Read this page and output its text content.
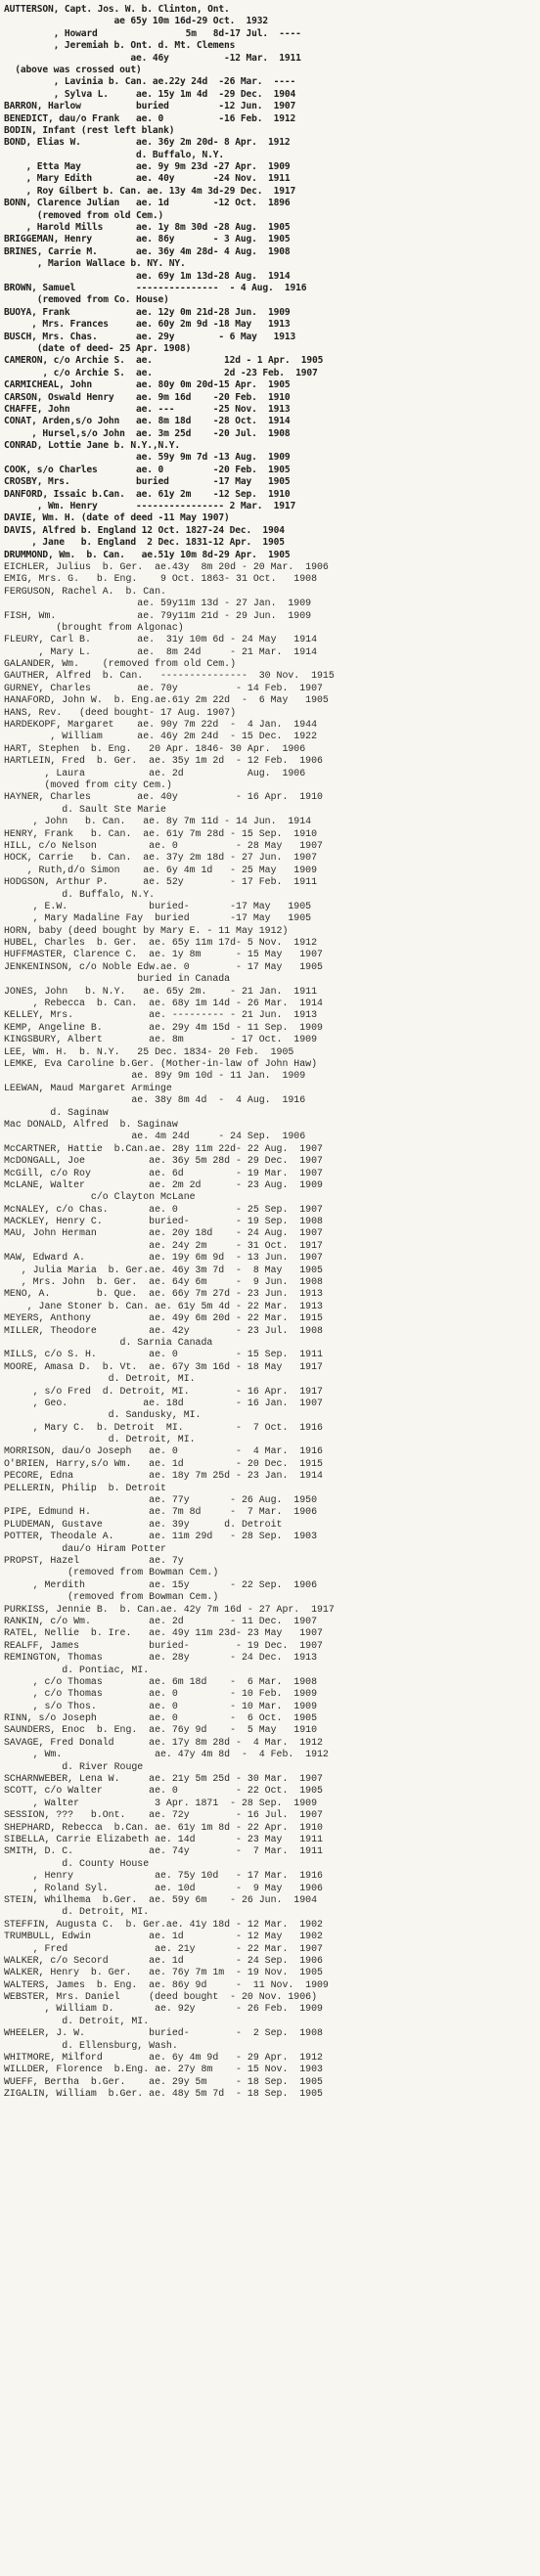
AUTTERSON, Capt. Jos. W. b. Clinton, Ont.
ae 65y 10m 16d-29 Oct.  1932
, Howard                5m   8d-17 Jul.  ----
, Jeremiah b. Ont. d. Mt. Clemens
ae. 46y          -12 Mar.  1911
(above was crossed out)
, Lavinia b. Can. ae.22y 24d  -26 Mar.  ----
, Sylva L.     ae. 15y 1m 4d  -29 Dec.  1904
BARRON, Harlow          buried         -12 Jun.  1907
BENEDICT, dau/o Frank   ae. 0          -16 Feb.  1912
BODIN, Infant (rest left blank)
BOND, Elias W.          ae. 36y 2m 20d- 8 Apr.  1912
d. Buffalo, N.Y.
, Etta May          ae. 9y 9m 23d -27 Apr.  1909
, Mary Edith        ae. 40y       -24 Nov.  1911
, Roy Gilbert b. Can. ae. 13y 4m 3d-29 Dec.  1917
BONN, Clarence Julian   ae. 1d        -12 Oct.  1896
(removed from old Cem.)
, Harold Mills      ae. 1y 8m 30d -28 Aug.  1905
BRIGGEMAN, Henry        ae. 86y       - 3 Aug.  1905
BRINES, Carrie M.       ae. 36y 4m 28d- 4 Aug.  1908
, Marion Wallace b. NY. NY.
ae. 69y 1m 13d-28 Aug.  1914
BROWN, Samuel           ---------------  - 4 Aug.  1916
(removed from Co. House)
BUOYA, Frank            ae. 12y 0m 21d-28 Jun.  1909
, Mrs. Frances     ae. 60y 2m 9d -18 May   1913
BUSCH, Mrs. Chas.       ae. 29y        - 6 May   1913
(date of deed- 25 Apr. 1908)
CAMERON, c/o Archie S.  ae.             12d - 1 Apr.  1905
, c/o Archie S.  ae.             2d -23 Feb.  1907
CARMICHEAL, John        ae. 80y 0m 20d-15 Apr.  1905
CARSON, Oswald Henry    ae. 9m 16d    -20 Feb.  1910
CHAFFE, John            ae. ---       -25 Nov.  1913
CONAT, Arden,s/o John   ae. 8m 18d    -28 Oct.  1914
, Hursel,s/o John  ae. 3m 25d    -20 Jul.  1908
CONRAD, Lottie Jane b. N.Y.,N.Y.
ae. 59y 9m 7d -13 Aug.  1909
COOK, s/o Charles       ae. 0         -20 Feb.  1905
CROSBY, Mrs.            buried        -17 May   1905
DANFORD, Issaic b.Can.  ae. 61y 2m    -12 Sep.  1910
, Wm. Henry       ---------------- 2 Mar.  1917
DAVIE, Wm. H. (date of deed -11 May 1907)
DAVIS, Alfred b. England 12 Oct. 1827-24 Dec.  1904
, Jane   b. England  2 Dec. 1831-12 Apr.  1905
DRUMMOND, Wm.  b. Can.   ae.51y 10m 8d-29 Apr.  1905
EICHLER, Julius  b. Ger.  ae.43y  8m 20d - 20 Mar.  1906
EMIG, Mrs. G.   b. Eng.    9 Oct. 1863- 31 Oct.   1908
FERGUSON, Rachel A.  b. Can.
ae. 59y11m 13d - 27 Jan.  1909
FISH, Wm.              ae. 79y11m 21d - 29 Jun.  1909
(brought from Algonac)
FLEURY, Carl B.        ae.  31y 10m 6d - 24 May   1914
, Mary L.        ae.  8m 24d     - 21 Mar.  1914
GALANDER, Wm.    (removed from old Cem.)
GAUTHER, Alfred  b. Can.   ---------------  30 Nov.  1915
GURNEY, Charles        ae. 70y          - 14 Feb.  1907
HANAFORD, John W.  b. Eng.ae.61y 2m 22d  -  6 May   1905
HANS, Rev.   (deed bought- 17 Aug. 1907)
HARDEKOPF, Margaret    ae. 90y 7m 22d  -  4 Jan.  1944
, William      ae. 46y 2m 24d  - 15 Dec.  1922
HART, Stephen  b. Eng.   20 Apr. 1846- 30 Apr.  1906
HARTLEIN, Fred  b. Ger.  ae. 35y 1m 2d  - 12 Feb.  1906
, Laura           ae. 2d           Aug.  1906
(moved from city Cem.)
HAYNER, Charles        ae. 40y          - 16 Apr.  1910
d. Sault Ste Marie
, John   b. Can.   ae. 8y 7m 11d - 14 Jun.  1914
HENRY, Frank   b. Can.  ae. 61y 7m 28d - 15 Sep.  1910
HILL, c/o Nelson         ae. 0          - 28 May   1907
HOCK, Carrie   b. Can.  ae. 37y 2m 18d - 27 Jun.  1907
, Ruth,d/o Simon    ae. 6y 4m 1d   - 25 May   1909
HODGSON, Arthur P.      ae. 52y        - 17 Feb.  1911
d. Buffalo, N.Y.
, E.W.              buried-       -17 May   1905
, Mary Madaline Fay  buried       -17 May   1905
HORN, baby (deed bought by Mary E. - 11 May 1912)
HUBEL, Charles  b. Ger.  ae. 65y 11m 17d- 5 Nov.  1912
HUFFMASTER, Clarence C.  ae. 1y 8m      - 15 May   1907
JENKENINSON, c/o Noble Edw.ae. 0        - 17 May   1905
buried in Canada
JONES, John   b. N.Y.   ae. 65y 2m.    - 21 Jan.  1911
, Rebecca  b. Can.  ae. 68y 1m 14d - 26 Mar.  1914
KELLEY, Mrs.             ae. --------- - 21 Jun.  1913
KEMP, Angeline B.        ae. 29y 4m 15d - 11 Sep.  1909
KINGSBURY, Albert        ae. 8m        - 17 Oct.  1909
LEE, Wm. H.  b. N.Y.   25 Dec. 1834- 20 Feb.  1905
LEMKE, Eva Caroline b.Ger. (Mother-in-law of John Haw)
ae. 89y 9m 10d - 11 Jan.  1909
LEEWAN, Maud Margaret Arminge
ae. 38y 8m 4d  -  4 Aug.  1916
d. Saginaw
Mac DONALD, Alfred  b. Saginaw
ae. 4m 24d     - 24 Sep.  1906
McCARTNER, Hattie  b.Can.ae. 28y 11m 22d- 22 Aug.  1907
McDONGALL, Joe           ae. 36y 5m 28d - 29 Dec.  1907
McGill, c/o Roy          ae. 6d         - 19 Mar.  1907
McLANE, Walter           ae. 2m 2d      - 23 Aug.  1909
c/o Clayton McLane
McNALEY, c/o Chas.       ae. 0          - 25 Sep.  1907
MACKLEY, Henry C.        buried-        - 19 Sep.  1908
MAU, John Herman         ae. 20y 18d    - 24 Aug.  1907
ae. 24y 2m     - 31 Oct.  1917
MAW, Edward A.           ae. 19y 6m 9d  - 13 Jun.  1907
, Julia Maria  b. Ger.ae. 46y 3m 7d  -  8 May   1905
, Mrs. John  b. Ger.  ae. 64y 6m     -  9 Jun.  1908
MENO, A.        b. Que.  ae. 66y 7m 27d - 23 Jun.  1913
, Jane Stoner b. Can. ae. 61y 5m 4d - 22 Mar.  1913
MEYERS, Anthony          ae. 49y 6m 20d - 22 Mar.  1915
MILLER, Theodore         ae. 42y        - 23 Jul.  1908
d. Sarnia Canada
MILLS, c/o S. H.         ae. 0          - 15 Sep.  1911
MOORE, Amasa D.  b. Vt.  ae. 67y 3m 16d - 18 May   1917
d. Detroit, MI.
, s/o Fred  d. Detroit, MI.        - 16 Apr.  1917
, Geo.             ae. 18d         - 16 Jan.  1907
d. Sandusky, MI.
, Mary C.  b. Detroit  MI.         -  7 Oct.  1916
d. Detroit, MI.
MORRISON, dau/o Joseph   ae. 0          -  4 Mar.  1916
O'BRIEN, Harry,s/o Wm.   ae. 1d         - 20 Dec.  1915
PECORE, Edna             ae. 18y 7m 25d - 23 Jan.  1914
PELLERIN, Philip  b. Detroit
ae. 77y       - 26 Aug.  1950
PIPE, Edmund H.          ae. 7m 8d     -  7 Mar.  1906
PLUDEMAN, Gustave        ae. 39y      d. Detroit
POTTER, Theodale A.      ae. 11m 29d   - 28 Sep.  1903
dau/o Hiram Potter
PROPST, Hazel            ae. 7y
(removed from Bowman Cem.)
, Merdith           ae. 15y       - 22 Sep.  1906
(removed from Bowman Cem.)
PURKISS, Jennie B.  b. Can.ae. 42y 7m 16d - 27 Apr.  1917
RANKIN, c/o Wm.          ae. 2d        - 11 Dec.  1907
RATEL, Nellie  b. Ire.   ae. 49y 11m 23d- 23 May   1907
REALFF, James            buried-        - 19 Dec.  1907
REMINGTON, Thomas        ae. 28y       - 24 Dec.  1913
d. Pontiac, MI.
, c/o Thomas        ae. 6m 18d    -  6 Mar.  1908
, c/o Thomas        ae. 0         - 10 Feb.  1909
, s/o Thos.         ae. 0         - 10 Mar.  1909
RINN, s/o Joseph         ae. 0         -  6 Oct.  1905
SAUNDERS, Enoc  b. Eng.  ae. 76y 9d    -  5 May   1910
SAVAGE, Fred Donald      ae. 17y 8m 28d -  4 Mar.  1912
, Wm.                ae. 47y 4m 8d  -  4 Feb.  1912
d. River Rouge
SCHARNWEBER, Lena W.     ae. 21y 5m 25d - 30 Mar.  1907
SCOTT, c/o Walter        ae. 0          - 22 Oct.  1905
, Walter             3 Apr. 1871  - 28 Sep.  1909
SESSION, ???   b.Ont.    ae. 72y        - 16 Jul.  1907
SHEPHARD, Rebecca  b.Can. ae. 61y 1m 8d - 22 Apr.  1910
SIBELLA, Carrie Elizabeth ae. 14d       - 23 May   1911
SMITH, D. C.             ae. 74y        -  7 Mar.  1911
d. County House
, Henry              ae. 75y 10d   - 17 Mar.  1916
, Roland Syl.        ae. 10d       -  9 May   1906
STEIN, Whilhema  b.Ger.  ae. 59y 6m    - 26 Jun.  1904
d. Detroit, MI.
STEFFIN, Augusta C.  b. Ger.ae. 41y 18d - 12 Mar.  1902
TRUMBULL, Edwin          ae. 1d         - 12 May   1902
, Fred               ae. 21y       - 22 Mar.  1907
WALKER, c/o Secord       ae. 1d         - 24 Sep.  1906
WALKER, Henry  b. Ger.   ae. 76y 7m 1m  - 19 Nov.  1905
WALTERS, James  b. Eng.  ae. 86y 9d     -  11 Nov.  1909
WEBSTER, Mrs. Daniel     (deed bought  - 20 Nov. 1906)
, William D.       ae. 92y       - 26 Feb.  1909
d. Detroit, MI.
WHEELER, J. W.           buried-        -  2 Sep.  1908
d. Ellensburg, Wash.
WHITMORE, Milford        ae. 6y 4m 9d   - 29 Apr.  1912
WILLDER, Florence  b.Eng. ae. 27y 8m    - 15 Nov.  1903
WUEFF, Bertha  b.Ger.    ae. 29y 5m     - 18 Sep.  1905
ZIGALIN, William  b.Ger. ae. 48y 5m 7d  - 18 Sep.  1905
